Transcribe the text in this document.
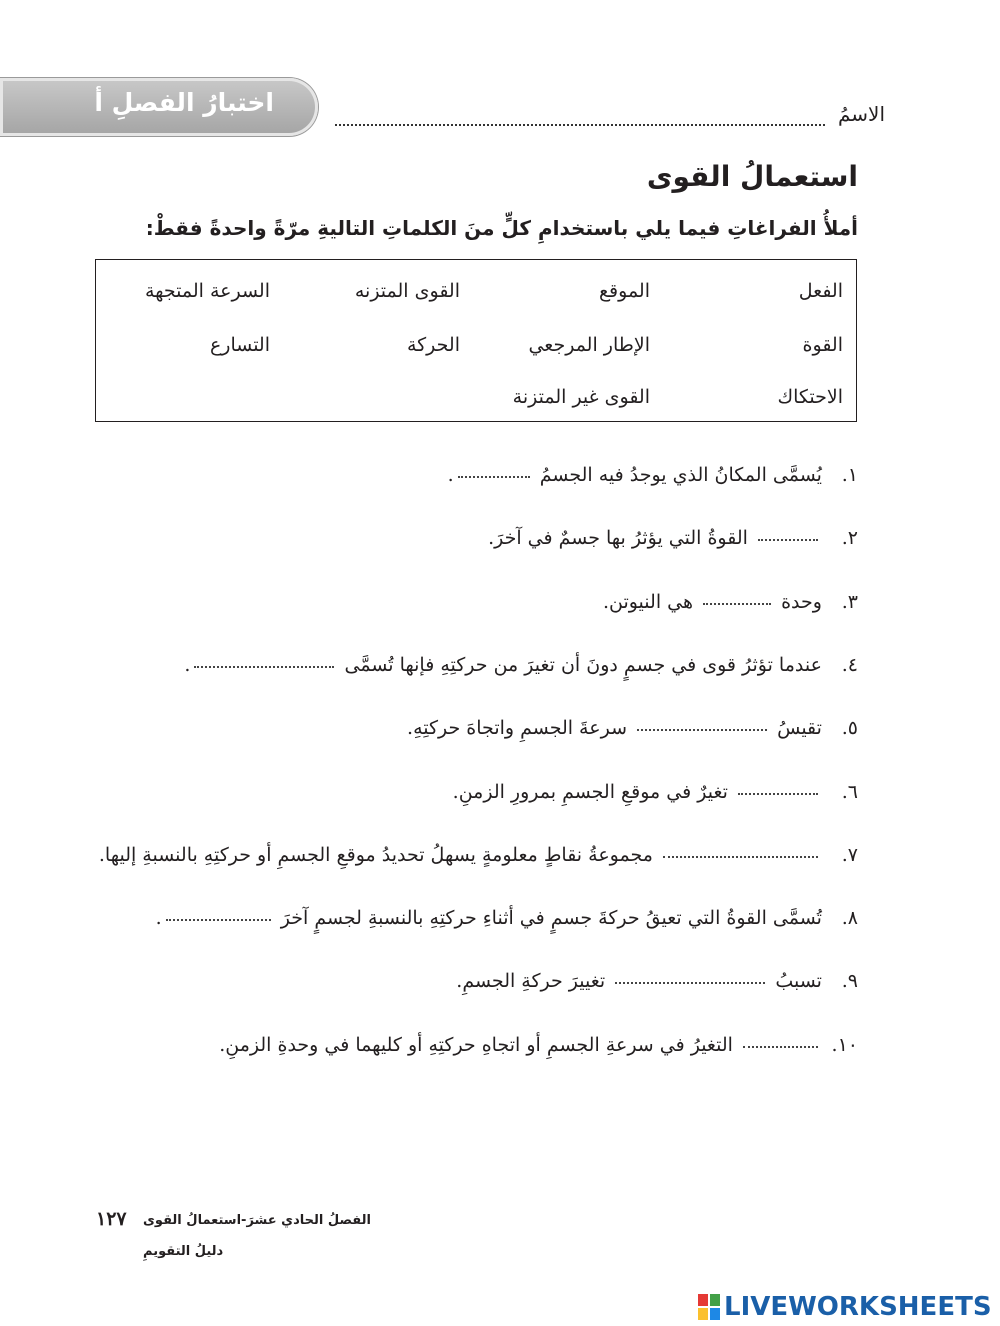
اختبارُ الفصلِ أ	الاسمُ
استعمالُ القوى
أملأُ الفراغاتِ فيما يلي باستخدامِ كلٍّ منَ الكلماتِ التاليةِ مرّةً واحدةً فقطْ:
الفعل
الموقع
القوى المتزنه
السرعة المتجهة
القوة
الإطار المرجعي
الحركة
التسارع
الاحتكاك
القوى غير المتزنة
١. يُسمَّى المكانُ الذي يوجدُ فيه الجسمُ .
٢.  القوةُ التي يؤثرُ بها جسمٌ في آخرَ.
٣. وحدة  هي النيوتن.
٤. عندما تؤثرُ قوى في جسمٍ دونَ أن تغيرَ من حركتِهِ فإنها تُسمَّى .
٥. تقيسُ  سرعةَ الجسمِ واتجاهَ حركتِهِ.
٦.  تغيرٌ في موقعِ الجسمِ بمرورِ الزمنِ.
٧.  مجموعةُ نقاطٍ معلومةٍ يسهلُ تحديدُ موقعِ الجسمِ أو حركتِهِ بالنسبةِ إليها.
٨. تُسمَّى القوةُ التي تعيقُ حركةَ جسمٍ في أثناءِ حركتِهِ بالنسبةِ لجسمٍ آخرَ .
٩. تسببُ  تغييرَ حركةِ الجسمِ.
١٠.  التغيرُ في سرعةِ الجسمِ أو اتجاهِ حركتِهِ أو كليهما في وحدةِ الزمنِ.
١٢٧ الفصلُ الحادي عشرَ-استعمالُ القوى
دليلُ التقويمِ
LIVEWORKSHEETS
